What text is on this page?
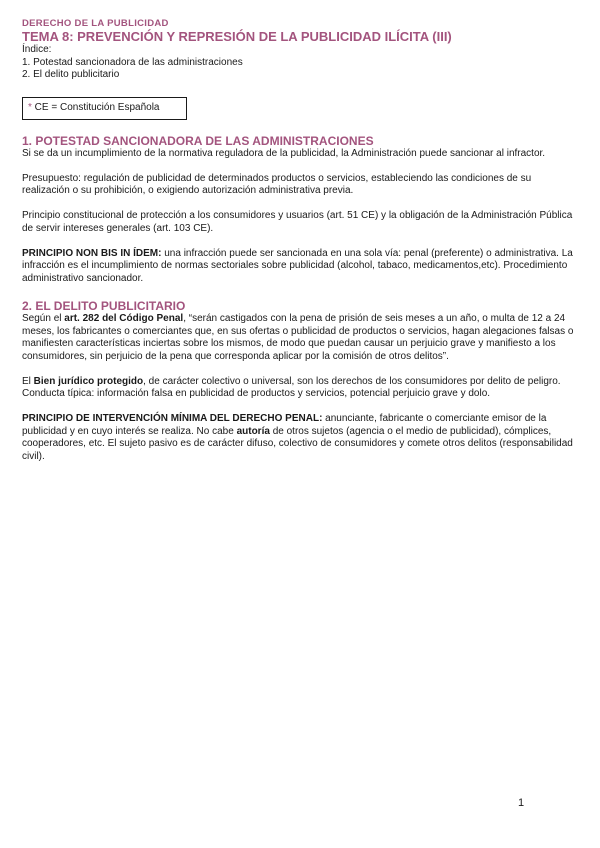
DERECHO DE LA PUBLICIDAD
TEMA 8: PREVENCIÓN Y REPRESIÓN DE LA PUBLICIDAD ILÍCITA (III)
Índice:
1. Potestad sancionadora de las administraciones
2. El delito publicitario
* CE = Constitución Española
1. POTESTAD SANCIONADORA DE LAS ADMINISTRACIONES

Si se da un incumplimiento de la normativa reguladora de la publicidad, la Administración puede sancionar al infractor.

Presupuesto: regulación de publicidad de determinados productos o servicios, estableciendo las condiciones de su realización o su prohibición, o exigiendo autorización administrativa previa.

Principio constitucional de protección a los consumidores y usuarios (art. 51 CE) y la obligación de la Administración Pública de servir intereses generales (art. 103 CE).

PRINCIPIO NON BIS IN ÍDEM: una infracción puede ser sancionada en una sola vía: penal (preferente) o administrativa. La infracción es el incumplimiento de normas sectoriales sobre publicidad (alcohol, tabaco, medicamentos,etc). Procedimiento administrativo sancionador.

2. EL DELITO PUBLICITARIO

Según el art. 282 del Código Penal, “serán castigados con la pena de prisión de seis meses a un año, o multa de 12 a 24 meses, los fabricantes o comerciantes que, en sus ofertas o publicidad de productos o servicios, hagan alegaciones falsas o manifiesten características inciertas sobre los mismos, de modo que puedan causar un perjuicio grave y manifiesto a los consumidores, sin perjuicio de la pena que corresponda aplicar por la comisión de otros delitos”.

El Bien jurídico protegido, de carácter colectivo o universal, son los derechos de los consumidores por delito de peligro. Conducta típica: información falsa en publicidad de productos y servicios, potencial perjuicio grave y dolo.

PRINCIPIO DE INTERVENCIÓN MÍNIMA DEL DERECHO PENAL: anunciante, fabricante o comerciante emisor de la publicidad y en cuyo interés se realiza. No cabe autoría de otros sujetos (agencia o el medio de publicidad), cómplices, cooperadores, etc. El sujeto pasivo es de carácter difuso, colectivo de consumidores y comete otros delitos (responsabilidad civil).

1
